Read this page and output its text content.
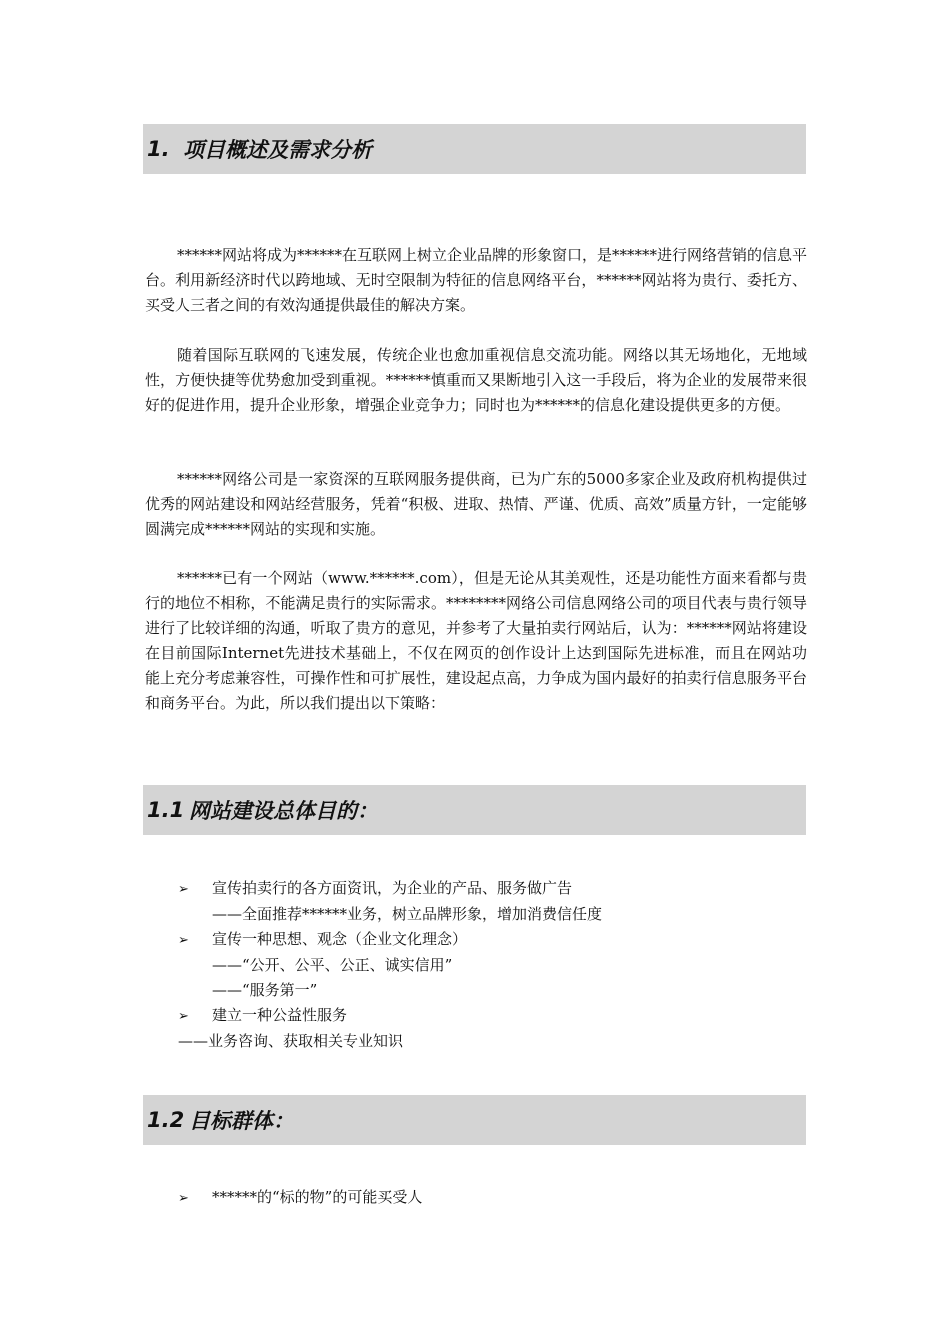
1. 项目概述及需求分析

******网站将成为******在互联网上树立企业品牌的形象窗口，是******进行网络营销的信息平台。利用新经济时代以跨地域、无时空限制为特征的信息网络平台，******网站将为贵行、委托方、买受人三者之间的有效沟通提供最佳的解决方案。

随着国际互联网的飞速发展，传统企业也愈加重视信息交流功能。网络以其无场地化，无地域性，方便快捷等优势愈加受到重视。******慎重而又果断地引入这一手段后，将为企业的发展带来很好的促进作用，提升企业形象，增强企业竞争力；同时也为******的信息化建设提供更多的方便。

******网络公司是一家资深的互联网服务提供商，已为广东的5000多家企业及政府机构提供过优秀的网站建设和网站经营服务，凭着“积极、进取、热情、严谨、优质、高效”质量方针，一定能够圆满完成******网站的实现和实施。

******已有一个网站（www.******.com），但是无论从其美观性，还是功能性方面来看都与贵行的地位不相称，不能满足贵行的实际需求。********网络公司信息网络公司的项目代表与贵行领导进行了比较详细的沟通，听取了贵方的意见，并参考了大量拍卖行网站后，认为：******网站将建设在目前国际Internet先进技术基础上，不仅在网页的创作设计上达到国际先进标准，而且在网站功能上充分考虑兼容性，可操作性和可扩展性，建设起点高，力争成为国内最好的拍卖行信息服务平台和商务平台。为此，所以我们提出以下策略：

1.1 网站建设总体目的：
➢	宣传拍卖行的各方面资讯，为企业的产品、服务做广告
——全面推荐******业务，树立品牌形象，增加消费信任度
➢	宣传一种思想、观念（企业文化理念）
——“公开、公平、公正、诚实信用”
——“服务第一”
➢	建立一种公益性服务
——业务咨询、获取相关专业知识
1.2 目标群体：
➢	******的“标的物”的可能买受人
